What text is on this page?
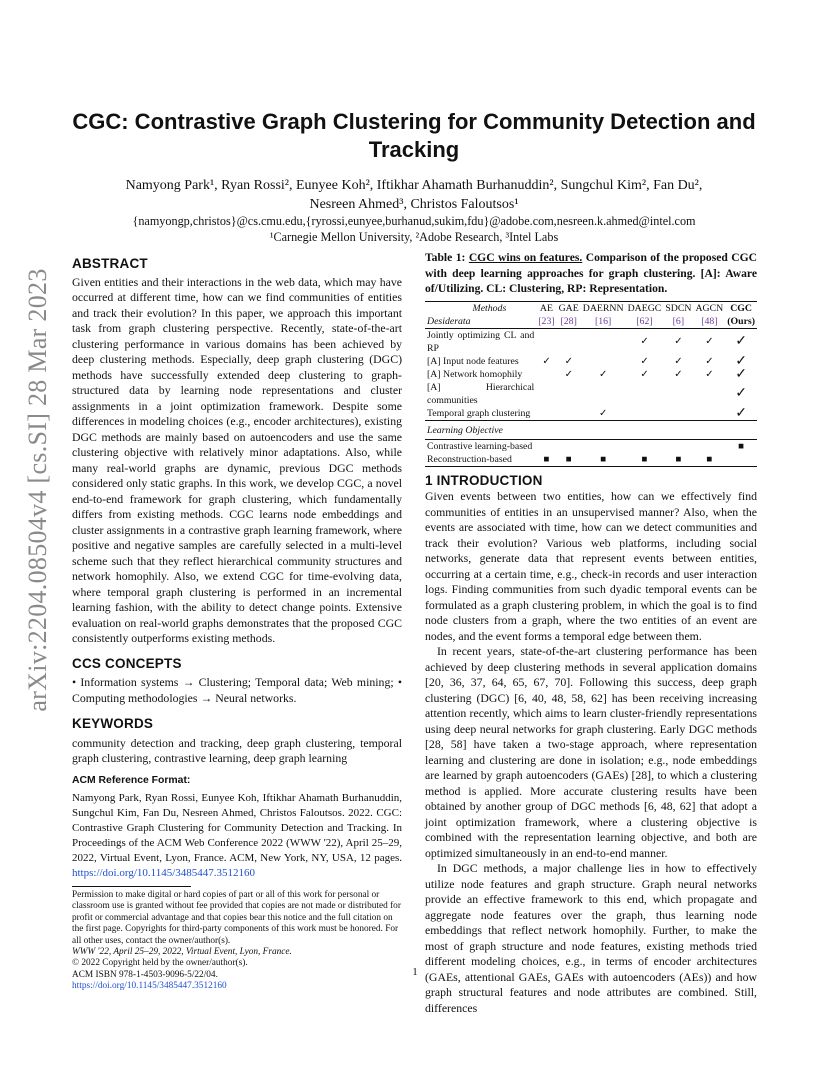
arXiv:2204.08504v4 [cs.SI] 28 Mar 2023
CGC: Contrastive Graph Clustering for Community Detection and Tracking
Namyong Park¹, Ryan Rossi², Eunyee Koh², Iftikhar Ahamath Burhanuddin², Sungchul Kim², Fan Du²,
Nesreen Ahmed³, Christos Faloutsos¹
{namyongp,christos}@cs.cmu.edu,{ryrossi,eunyee,burhanud,sukim,fdu}@adobe.com,nesreen.k.ahmed@intel.com
¹Carnegie Mellon University, ²Adobe Research, ³Intel Labs
ABSTRACT

Given entities and their interactions in the web data, which may have occurred at different time, how can we find communities of entities and track their evolution? In this paper, we approach this important task from graph clustering perspective. Recently, state-of-the-art clustering performance in various domains has been achieved by deep clustering methods. Especially, deep graph clustering (DGC) methods have successfully extended deep clustering to graph-structured data by learning node representations and cluster assignments in a joint optimization framework. Despite some differences in modeling choices (e.g., encoder architectures), existing DGC methods are mainly based on autoencoders and use the same clustering objective with relatively minor adaptations. Also, while many real-world graphs are dynamic, previous DGC methods considered only static graphs. In this work, we develop CGC, a novel end-to-end framework for graph clustering, which fundamentally differs from existing methods. CGC learns node embeddings and cluster assignments in a contrastive graph learning framework, where positive and negative samples are carefully selected in a multi-level scheme such that they reflect hierarchical community structures and network homophily. Also, we extend CGC for time-evolving data, where temporal graph clustering is performed in an incremental learning fashion, with the ability to detect change points. Extensive evaluation on real-world graphs demonstrates that the proposed CGC consistently outperforms existing methods.

CCS CONCEPTS

• Information systems → Clustering; Temporal data; Web mining; • Computing methodologies → Neural networks.

KEYWORDS

community detection and tracking, deep graph clustering, temporal graph clustering, contrastive learning, deep graph learning

ACM Reference Format:

Namyong Park, Ryan Rossi, Eunyee Koh, Iftikhar Ahamath Burhanuddin, Sungchul Kim, Fan Du, Nesreen Ahmed, Christos Faloutsos. 2022. CGC: Contrastive Graph Clustering for Community Detection and Tracking. In Proceedings of the ACM Web Conference 2022 (WWW '22), April 25–29, 2022, Virtual Event, Lyon, France. ACM, New York, NY, USA, 12 pages. https://doi.org/10.1145/3485447.3512160

Permission to make digital or hard copies of part or all of this work for personal or classroom use is granted without fee provided that copies are not made or distributed for profit or commercial advantage and that copies bear this notice and the full citation on the first page. Copyrights for third-party components of this work must be honored. For all other uses, contact the owner/author(s).
WWW '22, April 25–29, 2022, Virtual Event, Lyon, France.
© 2022 Copyright held by the owner/author(s).
ACM ISBN 978-1-4503-9096-5/22/04.
https://doi.org/10.1145/3485447.3512160
Table 1: CGC wins on features. Comparison of the proposed CGC with deep learning approaches for graph clustering. [A]: Aware of/Utilizing. CL: Clustering, RP: Representation.
Methods	AE	GAE	DAERNN	DAEGC	SDCN	AGCN	CGC
Desiderata	[23]	[28]	[16]	[62]	[6]	[48]	(Ours)
Jointly optimizing CL and RP				✓	✓	✓	✓
[A] Input node features	✓	✓		✓	✓	✓	✓
[A] Network homophily		✓	✓	✓	✓	✓	✓
[A] Hierarchical communities							✓
Temporal graph clustering			✓				✓
Learning Objective							
Contrastive learning-based							■
Reconstruction-based	■	■	■	■	■	■	
1 INTRODUCTION

Given events between two entities, how can we effectively find communities of entities in an unsupervised manner? Also, when the events are associated with time, how can we detect communities and track their evolution? Various web platforms, including social networks, generate data that represent events between entities, occurring at a certain time, e.g., check-in records and user interaction logs. Finding communities from such dyadic temporal events can be formulated as a graph clustering problem, in which the goal is to find node clusters from a graph, where the two entities of an event are nodes, and the event forms a temporal edge between them.

In recent years, state-of-the-art clustering performance has been achieved by deep clustering methods in several application domains [20, 36, 37, 64, 65, 67, 70]. Following this success, deep graph clustering (DGC) [6, 40, 48, 58, 62] has been receiving increasing attention recently, which aims to learn cluster-friendly representations using deep neural networks for graph clustering. Early DGC methods [28, 58] have taken a two-stage approach, where representation learning and clustering are done in isolation; e.g., node embeddings are learned by graph autoencoders (GAEs) [28], to which a clustering method is applied. More accurate clustering results have been obtained by another group of DGC methods [6, 48, 62] that adopt a joint optimization framework, where a clustering objective is combined with the representation learning objective, and both are optimized simultaneously in an end-to-end manner.

In DGC methods, a major challenge lies in how to effectively utilize node features and graph structure. Graph neural networks provide an effective framework to this end, which propagate and aggregate node features over the graph, thus learning node embeddings that reflect network homophily. Further, to make the most of graph structure and node features, existing methods tried different modeling choices, e.g., in terms of encoder architectures (GAEs, attentional GAEs, GAEs with autoencoders (AEs)) and how graph structural features and node attributes are combined. Still, differences

1
